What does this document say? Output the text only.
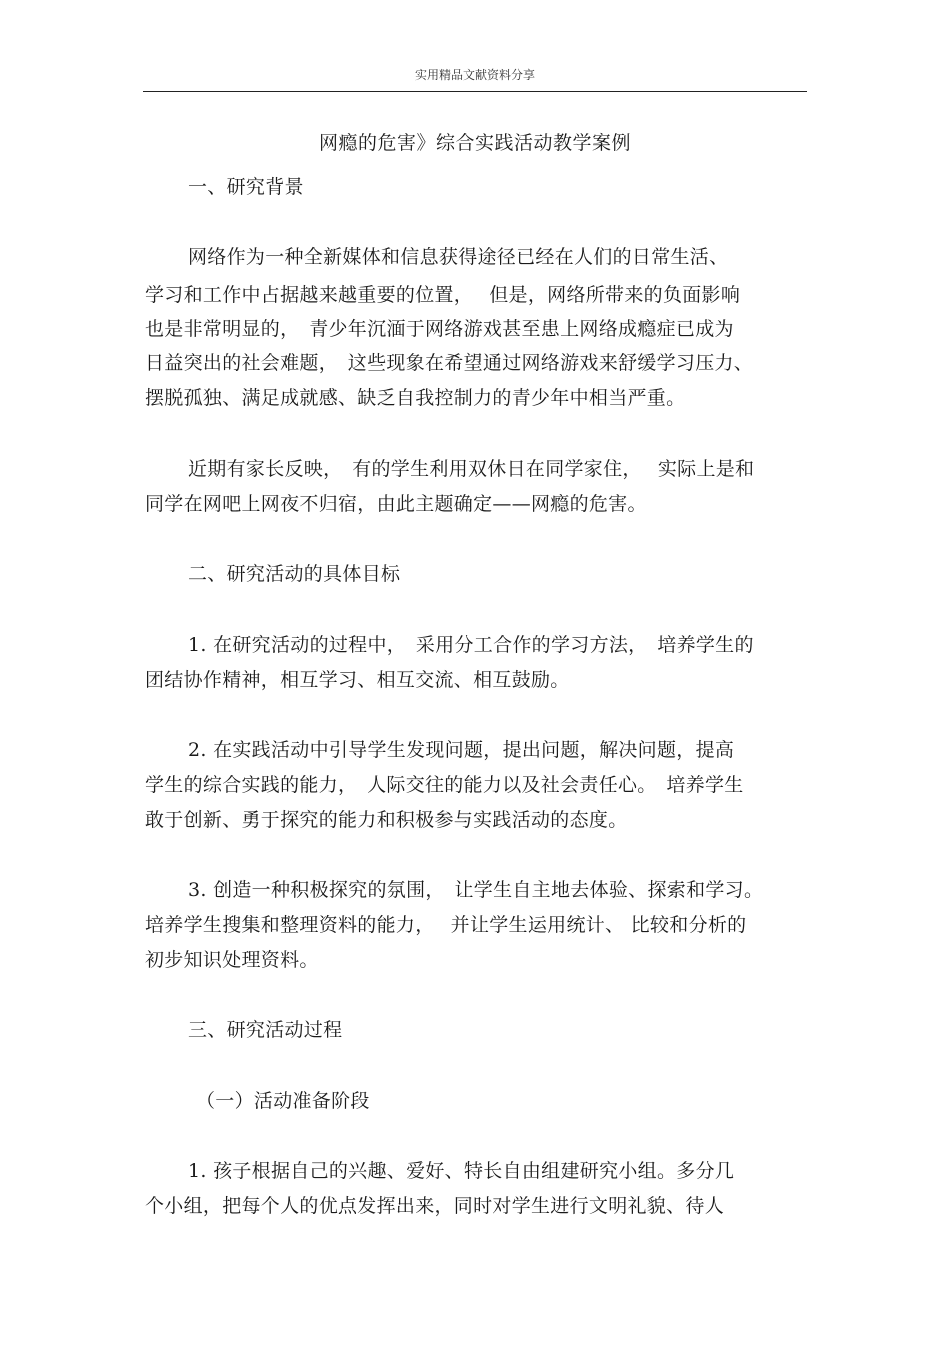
实用精品文献资料分享
网瘾的危害》综合实践活动教学案例
一、研究背景
网络作为一种全新媒体和信息获得途径已经在人们的日常生活、
学习和工作中占据越来越重要的位置，　 但是，网络所带来的负面影响
也是非常明显的，　青少年沉湎于网络游戏甚至患上网络成瘾症已成为
日益突出的社会难题，　这些现象在希望通过网络游戏来舒缓学习压力、
摆脱孤独、满足成就感、缺乏自我控制力的青少年中相当严重。
近期有家长反映，　有的学生利用双休日在同学家住，　 实际上是和
同学在网吧上网夜不归宿，由此主题确定——网瘾的危害。
二、研究活动的具体目标
1. 在研究活动的过程中，　采用分工合作的学习方法，　培养学生的
团结协作精神，相互学习、相互交流、相互鼓励。
2. 在实践活动中引导学生发现问题，提出问题，解决问题，提高
学生的综合实践的能力，　人际交往的能力以及社会责任心。　培养学生
敢于创新、勇于探究的能力和积极参与实践活动的态度。
3. 创造一种积极探究的氛围，　让学生自主地去体验、探索和学习。
培养学生搜集和整理资料的能力，　 并让学生运用统计、 比较和分析的
初步知识处理资料。
三、研究活动过程
（一）活动准备阶段
1. 孩子根据自己的兴趣、爱好、特长自由组建研究小组。多分几
个小组，把每个人的优点发挥出来，同时对学生进行文明礼貌、待人
